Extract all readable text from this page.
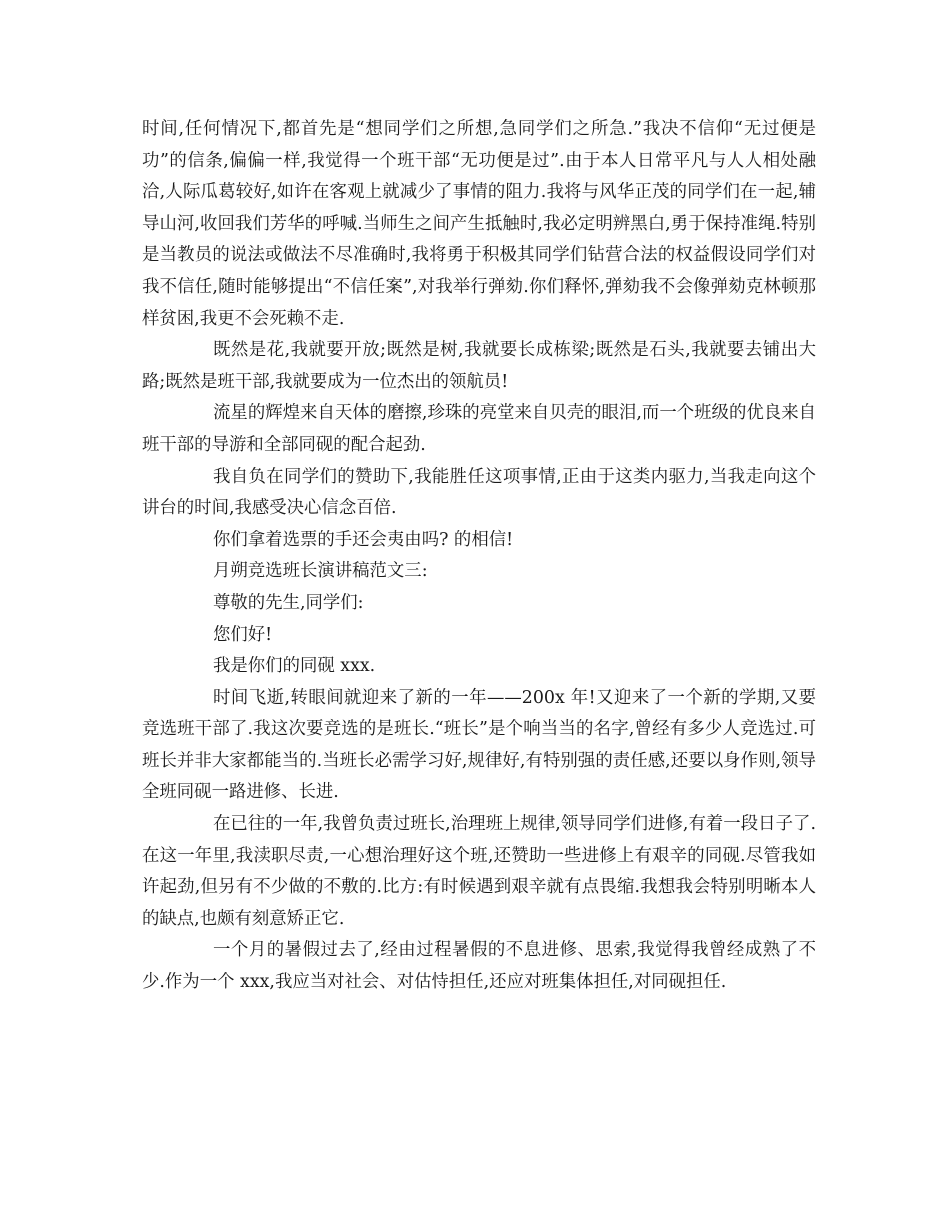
时间,任何情况下,都首先是“想同学们之所想,急同学们之所急.”我决不信仰“无过便是功”的信条,偏偏一样,我觉得一个班干部“无功便是过”.由于本人日常平凡与人人相处融洽,人际瓜葛较好,如许在客观上就减少了事情的阻力.我将与风华正茂的同学们在一起,辅导山河,收回我们芳华的呼喊.当师生之间产生抵触时,我必定明辨黑白,勇于保持准绳.特别是当教员的说法或做法不尽准确时,我将勇于积极其同学们钻营合法的权益假设同学们对我不信任,随时能够提出“不信任案”,对我举行弹劾.你们释怀,弹劾我不会像弹劾克林顿那样贫困,我更不会死赖不走.

既然是花,我就要开放;既然是树,我就要长成栋梁;既然是石头,我就要去铺出大路;既然是班干部,我就要成为一位杰出的领航员!

流星的辉煌来自天体的磨擦,珍珠的亮堂来自贝壳的眼泪,而一个班级的优良来自班干部的导游和全部同砚的配合起劲.

我自负在同学们的赞助下,我能胜任这项事情,正由于这类内驱力,当我走向这个讲台的时间,我感受决心信念百倍.

你们拿着选票的手还会夷由吗? 的相信!

月朔竞选班长演讲稿范文三:

尊敬的先生,同学们:

您们好!

我是你们的同砚 xxx.

时间飞逝,转眼间就迎来了新的一年——200x 年!又迎来了一个新的学期,又要竞选班干部了.我这次要竞选的是班长.“班长”是个响当当的名字,曾经有多少人竞选过.可班长并非大家都能当的.当班长必需学习好,规律好,有特别强的责任感,还要以身作则,领导全班同砚一路进修、长进.

在已往的一年,我曾负责过班长,治理班上规律,领导同学们进修,有着一段日子了.在这一年里,我渎职尽责,一心想治理好这个班,还赞助一些进修上有艰辛的同砚.尽管我如许起劲,但另有不少做的不敷的.比方:有时候遇到艰辛就有点畏缩.我想我会特别明晰本人的缺点,也颇有刻意矫正它.

一个月的暑假过去了,经由过程暑假的不息进修、思索,我觉得我曾经成熟了不少.作为一个 xxx,我应当对社会、对估恃担任,还应对班集体担任,对同砚担任.
